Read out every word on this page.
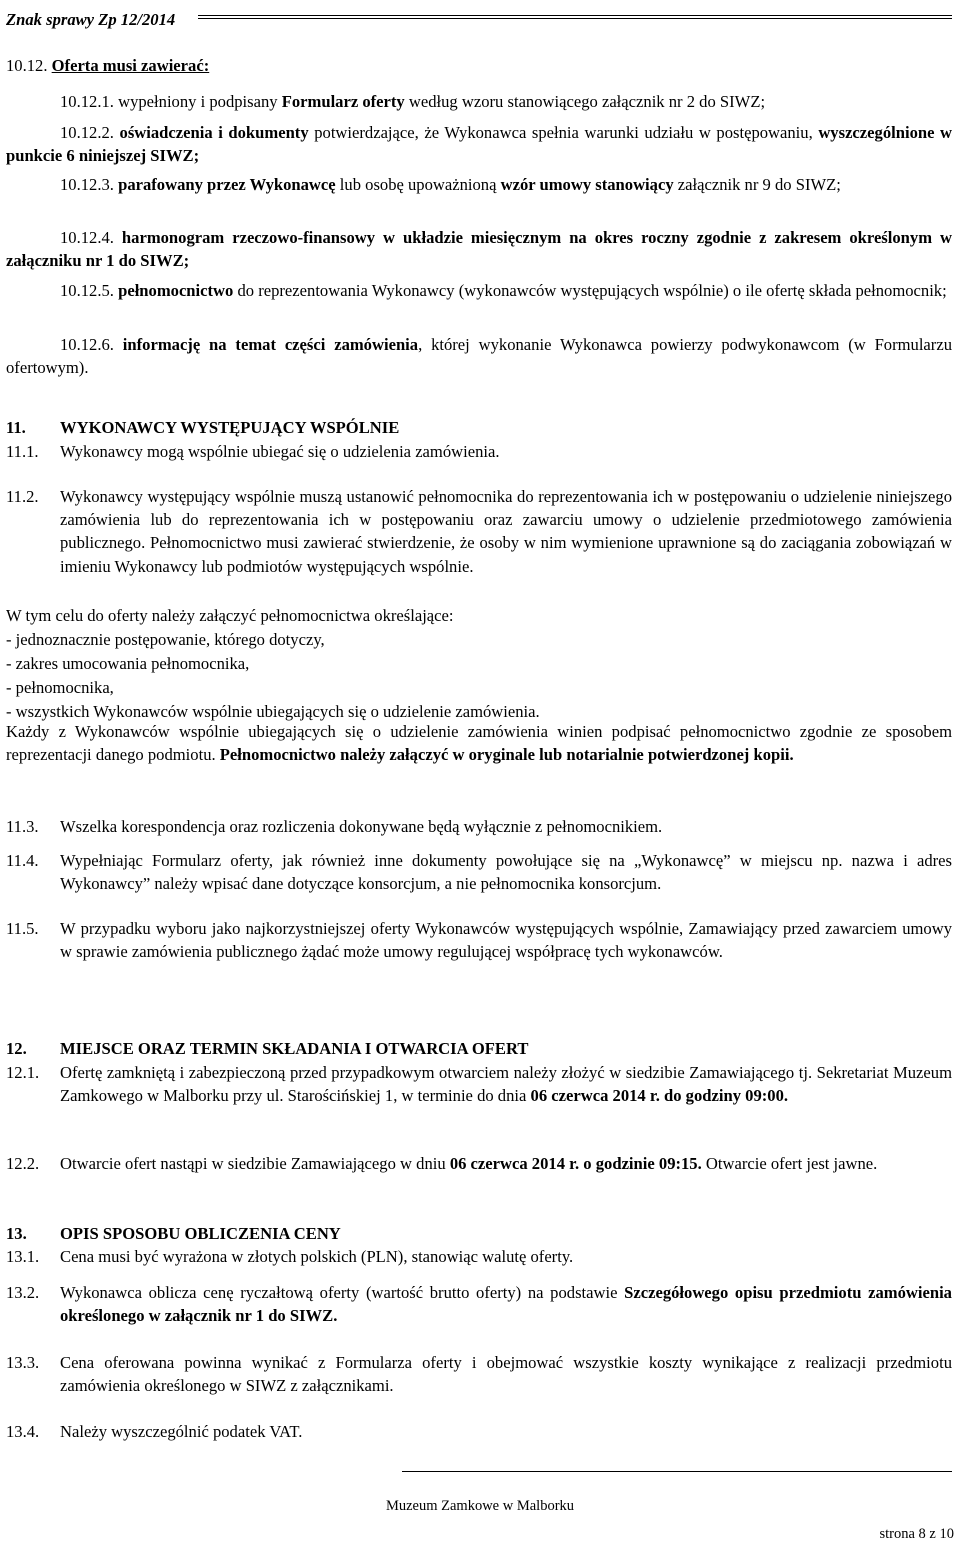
Znak sprawy Zp 12/2014
10.12. Oferta musi zawierać:
10.12.1. wypełniony i podpisany Formularz oferty według wzoru stanowiącego załącznik nr 2 do SIWZ;
10.12.2. oświadczenia i dokumenty potwierdzające, że Wykonawca spełnia warunki udziału w postępowaniu, wyszczególnione w punkcie 6 niniejszej SIWZ;
10.12.3. parafowany przez Wykonawcę lub osobę upoważnioną wzór umowy stanowiący załącznik nr 9 do SIWZ;
10.12.4. harmonogram rzeczowo-finansowy w układzie miesięcznym na okres roczny zgodnie z zakresem określonym w załączniku nr 1 do SIWZ;
10.12.5. pełnomocnictwo do reprezentowania Wykonawcy (wykonawców występujących wspólnie) o ile ofertę składa pełnomocnik;
10.12.6. informację na temat części zamówienia, której wykonanie Wykonawca powierzy podwykonawcom (w Formularzu ofertowym).
11. WYKONAWCY WYSTĘPUJĄCY WSPÓLNIE
11.1. Wykonawcy mogą wspólnie ubiegać się o udzielenia zamówienia.
11.2. Wykonawcy występujący wspólnie muszą ustanowić pełnomocnika do reprezentowania ich w postępowaniu o udzielenie niniejszego zamówienia lub do reprezentowania ich w postępowaniu oraz zawarciu umowy o udzielenie przedmiotowego zamówienia publicznego. Pełnomocnictwo musi zawierać stwierdzenie, że osoby w nim wymienione uprawnione są do zaciągania zobowiązań w imieniu Wykonawcy lub podmiotów występujących wspólnie.
W tym celu do oferty należy załączyć pełnomocnictwa określające:
- jednoznacznie postępowanie, którego dotyczy,
- zakres umocowania pełnomocnika,
- pełnomocnika,
- wszystkich Wykonawców wspólnie ubiegających się o udzielenie zamówienia.
Każdy z Wykonawców wspólnie ubiegających się o udzielenie zamówienia winien podpisać pełnomocnictwo zgodnie ze sposobem reprezentacji danego podmiotu. Pełnomocnictwo należy załączyć w oryginale lub notarialnie potwierdzonej kopii.
11.3. Wszelka korespondencja oraz rozliczenia dokonywane będą wyłącznie z pełnomocnikiem.
11.4. Wypełniając Formularz oferty, jak również inne dokumenty powołujące się na „Wykonawcę” w miejscu np. nazwa i adres Wykonawcy” należy wpisać dane dotyczące konsorcjum, a nie pełnomocnika konsorcjum.
11.5. W przypadku wyboru jako najkorzystniejszej oferty Wykonawców występujących wspólnie, Zamawiający przed zawarciem umowy w sprawie zamówienia publicznego żądać może umowy regulującej współpracę tych wykonawców.
12. MIEJSCE ORAZ TERMIN SKŁADANIA I OTWARCIA OFERT
12.1. Ofertę zamkniętą i zabezpieczoną przed przypadkowym otwarciem należy złożyć w siedzibie Zamawiającego tj. Sekretariat Muzeum Zamkowego w Malborku przy ul. Starościńskiej 1, w terminie do dnia 06 czerwca 2014 r. do godziny 09:00.
12.2. Otwarcie ofert nastąpi w siedzibie Zamawiającego w dniu 06 czerwca 2014 r. o godzinie 09:15. Otwarcie ofert jest jawne.
13. OPIS SPOSOBU OBLICZENIA CENY
13.1. Cena musi być wyrażona w złotych polskich (PLN), stanowiąc walutę oferty.
13.2. Wykonawca oblicza cenę ryczałtową oferty (wartość brutto oferty) na podstawie Szczegółowego opisu przedmiotu zamówienia określonego w załącznik nr 1 do SIWZ.
13.3. Cena oferowana powinna wynikać z Formularza oferty i obejmować wszystkie koszty wynikające z realizacji przedmiotu zamówienia określonego w SIWZ z załącznikami.
13.4. Należy wyszczególnić podatek VAT.
Muzeum Zamkowe w Malborku
strona 8 z 10
